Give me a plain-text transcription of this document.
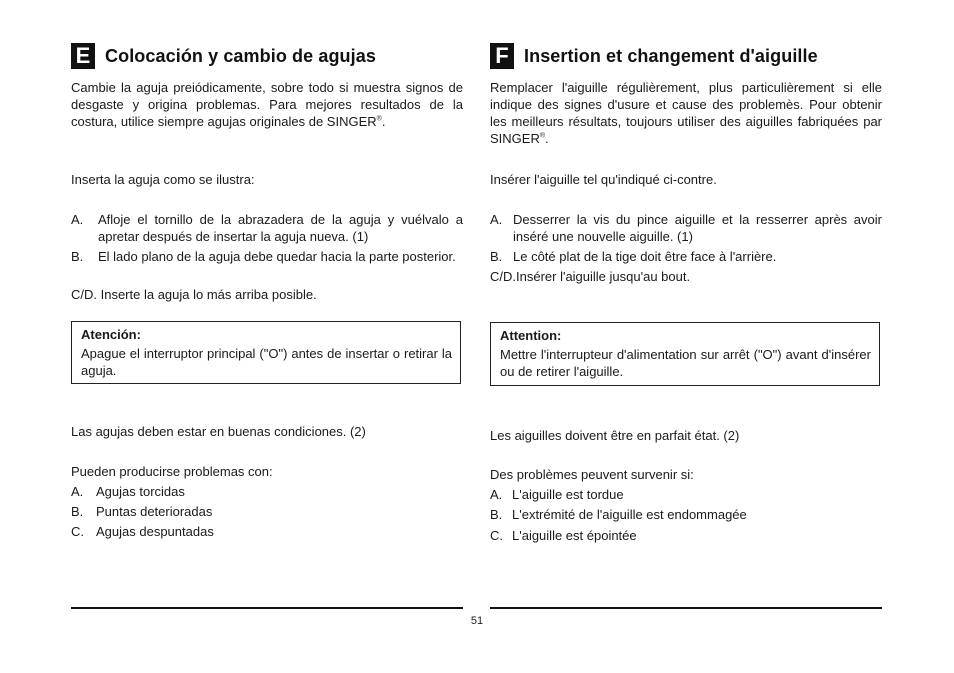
E Colocación y cambio de agujas

Cambie la aguja preiódicamente, sobre todo si muestra signos de desgaste y origina problemas. Para mejores resultados de la costura, utilice siempre agujas originales de SINGER®.

Inserta la aguja como se ilustra:

A.	Afloje el tornillo de la abrazadera de la aguja y vuélvalo a apretar después de insertar la aguja nueva. (1)
B.	El lado plano de la aguja debe quedar hacia la parte posterior.

C/D. Inserte la aguja lo más arriba posible.

Atención:
Apague el interruptor principal ("O") antes de insertar o retirar la aguja.

Las agujas deben estar en buenas condiciones. (2)

Pueden producirse problemas con:

A. Agujas torcidas
B. Puntas deterioradas
C. Agujas despuntadas
F Insertion et changement d'aiguille

Remplacer l'aiguille régulièrement, plus particulièrement si elle indique des signes d'usure et cause des problemès. Pour obtenir les meilleurs résultats, toujours utiliser des aiguilles fabriquées par SINGER®.

Insérer l'aiguille tel qu'indiqué ci-contre.

A. Desserrer la vis du pince aiguille et la resserrer après avoir inséré une nouvelle aiguille. (1)
B. Le côté plat de la tige doit être face à l'arrière.

C/D.Insérer l'aiguille jusqu'au bout.

Attention:
Mettre l'interrupteur d'alimentation sur arrêt ("O") avant d'insérer ou de retirer l'aiguille.

Les aiguilles doivent être en parfait état. (2)

Des problèmes peuvent survenir si:

A. L'aiguille est tordue
B. L'extrémité de l'aiguille est endommagée
C. L'aiguille est épointée
51
